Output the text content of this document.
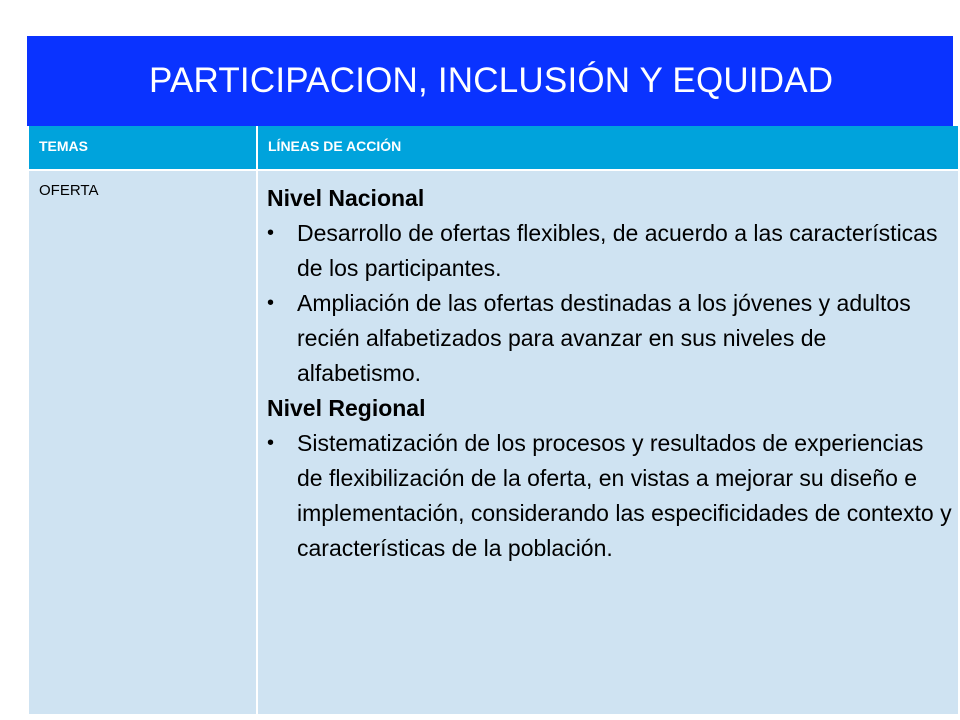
PARTICIPACION, INCLUSIÓN Y EQUIDAD
TEMAS	LÍNEAS DE ACCIÓN
OFERTA	Nivel Nacional

• Desarrollo de ofertas flexibles, de acuerdo a las características de los participantes.
• Ampliación de las ofertas destinadas a los jóvenes y adultos recién alfabetizados para avanzar en sus niveles de alfabetismo.

Nivel Regional

• Sistematización de los procesos y resultados de experiencias de flexibilización de la oferta, en vistas a mejorar su diseño e implementación, considerando las especificidades de contexto y características de la población.
